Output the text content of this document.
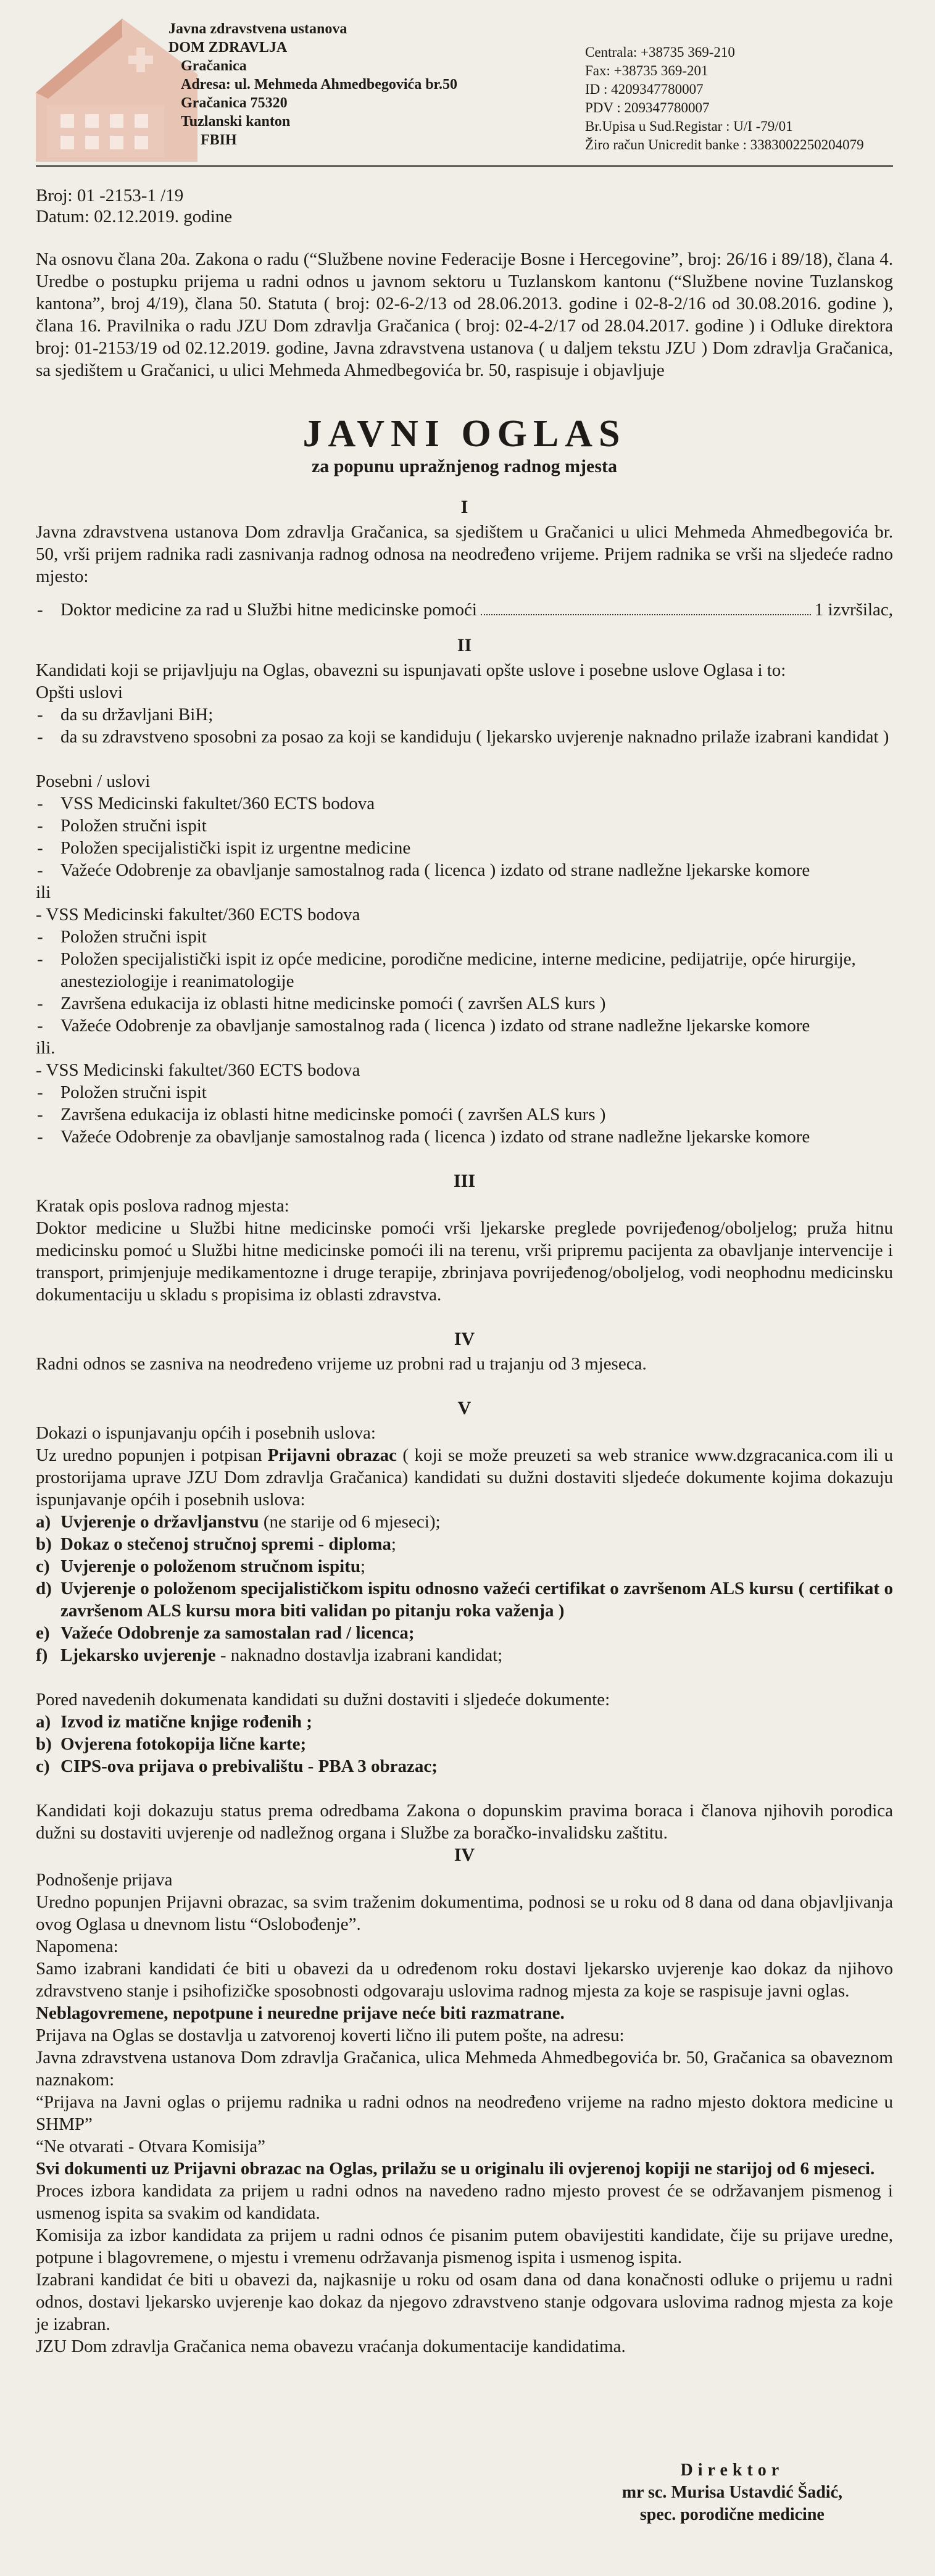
Javna zdravstvena ustanova
DOM ZDRAVLJA
Gračanica
Adresa: ul. Mehmeda Ahmedbegovića br.50
Gračanica 75320
Tuzlanski kanton
FBIH
Centrala: +38735 369-210
Fax: +38735 369-201
ID : 4209347780007
PDV : 209347780007
Br.Upisa u Sud.Registar : U/I -79/01
Žiro račun Unicredit banke : 3383002250204079
Broj: 01 -2153-1 /19
Datum: 02.12.2019. godine

Na osnovu člana 20a. Zakona o radu (“Službene novine Federacije Bosne i Hercegovine”, broj: 26/16 i 89/18), člana 4. Uredbe o postupku prijema u radni odnos u javnom sektoru u Tuzlanskom kantonu (“Službene novine Tuzlanskog kantona”, broj 4/19), člana 50. Statuta ( broj: 02-6-2/13 od 28.06.2013. godine i 02-8-2/16 od 30.08.2016. godine ), člana 16. Pravilnika o radu JZU Dom zdravlja Gračanica ( broj: 02-4-2/17 od 28.04.2017. godine ) i Odluke direktora broj: 01-2153/19 od 02.12.2019. godine, Javna zdravstvena ustanova ( u daljem tekstu JZU ) Dom zdravlja Gračanica, sa sjedištem u Gračanici, u ulici Mehmeda Ahmedbegovića br. 50, raspisuje i objavljuje

JAVNI OGLAS
za popunu upražnjenog radnog mjesta
I

Javna zdravstvena ustanova Dom zdravlja Gračanica, sa sjedištem u Gračanici u ulici Mehmeda Ahmedbegovića br. 50, vrši prijem radnika radi zasnivanja radnog odnosa na neodređeno vrijeme. Prijem radnika se vrši na sljedeće radno mjesto:

- Doktor medicine za rad u Službi hitne medicinske pomoći	1 izvršilac,
II

Kandidati koji se prijavljuju na Oglas, obavezni su ispunjavati opšte uslove i posebne uslove Oglasa i to:

Opšti uslovi
- da su državljani BiH;
- da su zdravstveno sposobni za posao za koji se kandiduju ( ljekarsko uvjerenje naknadno prilaže izabrani kandidat )
Posebni / uslovi
- VSS Medicinski fakultet/360 ECTS bodova
- Položen stručni ispit
- Položen specijalistički ispit iz urgentne medicine
- Važeće Odobrenje za obavljanje samostalnog rada ( licenca ) izdato od strane nadležne ljekarske komore
ili
- VSS Medicinski fakultet/360 ECTS bodova
- Položen stručni ispit
- Položen specijalistički ispit iz opće medicine, porodične medicine, interne medicine, pedijatrije, opće hirurgije, anesteziologije i reanimatologije
- Završena edukacija iz oblasti hitne medicinske pomoći ( završen ALS kurs )
- Važeće Odobrenje za obavljanje samostalnog rada ( licenca ) izdato od strane nadležne ljekarske komore
ili.
- VSS Medicinski fakultet/360 ECTS bodova
- Položen stručni ispit
- Završena edukacija iz oblasti hitne medicinske pomoći ( završen ALS kurs )
- Važeće Odobrenje za obavljanje samostalnog rada ( licenca ) izdato od strane nadležne ljekarske komore
III
Kratak opis poslova radnog mjesta:

Doktor medicine u Službi hitne medicinske pomoći vrši ljekarske preglede povrijeđenog/oboljelog; pruža hitnu medicinsku pomoć u Službi hitne medicinske pomoći ili na terenu, vrši pripremu pacijenta za obavljanje intervencije i transport, primjenjuje medikamentozne i druge terapije, zbrinjava povrijeđenog/oboljelog, vodi neophodnu medicinsku dokumentaciju u skladu s propisima iz oblasti zdravstva.

IV

Radni odnos se zasniva na neodređeno vrijeme uz probni rad u trajanju od 3 mjeseca.

V
Dokazi o ispunjavanju općih i posebnih uslova:

Uz uredno popunjen i potpisan Prijavni obrazac ( koji se može preuzeti sa web stranice www.dzgracanica.com ili u prostorijama uprave JZU Dom zdravlja Gračanica) kandidati su dužni dostaviti sljedeće dokumente kojima dokazuju ispunjavanje općih i posebnih uslova:

a) Uvjerenje o državljanstvu (ne starije od 6 mjeseci);
b) Dokaz o stečenoj stručnoj spremi - diploma;
c) Uvjerenje o položenom stručnom ispitu;
d) Uvjerenje o položenom specijalističkom ispitu odnosno važeći certifikat o završenom ALS kursu ( certifikat o završenom ALS kursu mora biti validan po pitanju roka važenja )
e) Važeće Odobrenje za samostalan rad / licenca;
f) Ljekarsko uvjerenje - naknadno dostavlja izabrani kandidat;
Pored navedenih dokumenata kandidati su dužni dostaviti i sljedeće dokumente:
a) Izvod iz matične knjige rođenih ;
b) Ovjerena fotokopija lične karte;
c) CIPS-ova prijava o prebivalištu - PBA 3 obrazac;

Kandidati koji dokazuju status prema odredbama Zakona o dopunskim pravima boraca i članova njihovih porodica dužni su dostaviti uvjerenje od nadležnog organa i Službe za boračko-invalidsku zaštitu.

IV
Podnošenje prijava

Uredno popunjen Prijavni obrazac, sa svim traženim dokumentima, podnosi se u roku od 8 dana od dana objavljivanja ovog Oglasa u dnevnom listu “Oslobođenje”.

Napomena:

Samo izabrani kandidati će biti u obavezi da u određenom roku dostavi ljekarsko uvjerenje kao dokaz da njihovo zdravstveno stanje i psihofizičke sposobnosti odgovaraju uslovima radnog mjesta za koje se raspisuje javni oglas.

Neblagovremene, nepotpune i neuredne prijave neće biti razmatrane.

Prijava na Oglas se dostavlja u zatvorenoj koverti lično ili putem pošte, na adresu:

Javna zdravstvena ustanova Dom zdravlja Gračanica, ulica Mehmeda Ahmedbegovića br. 50, Gračanica sa obaveznom naznakom:

“Prijava na Javni oglas o prijemu radnika u radni odnos na neodređeno vrijeme na radno mjesto doktora medicine u SHMP”

“Ne otvarati - Otvara Komisija”

Svi dokumenti uz Prijavni obrazac na Oglas, prilažu se u originalu ili ovjerenoj kopiji ne starijoj od 6 mjeseci.

Proces izbora kandidata za prijem u radni odnos na navedeno radno mjesto provest će se održavanjem pismenog i usmenog ispita sa svakim od kandidata.

Komisija za izbor kandidata za prijem u radni odnos će pisanim putem obavijestiti kandidate, čije su prijave uredne, potpune i blagovremene, o mjestu i vremenu održavanja pismenog ispita i usmenog ispita.

Izabrani kandidat će biti u obavezi da, najkasnije u roku od osam dana od dana konačnosti odluke o prijemu u radni odnos, dostavi ljekarsko uvjerenje kao dokaz da njegovo zdravstveno stanje odgovara uslovima radnog mjesta za koje je izabran.

JZU Dom zdravlja Gračanica nema obavezu vraćanja dokumentacije kandidatima.

Direktor
mr sc. Murisa Ustavdić Šadić,
spec. porodične medicine
